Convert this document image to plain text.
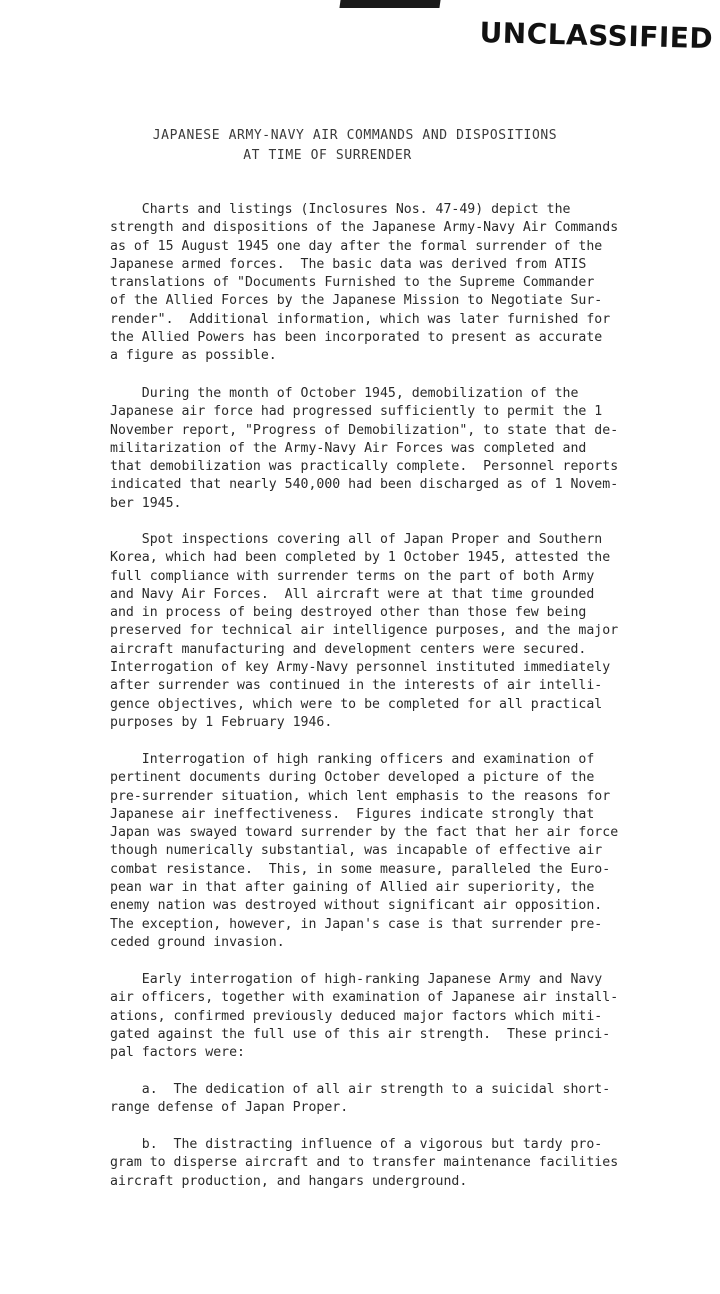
UNCLASSIFIED
JAPANESE ARMY-NAVY AIR COMMANDS AND DISPOSITIONS
AT TIME OF SURRENDER
Charts and listings (Inclosures Nos. 47-49) depict the
strength and dispositions of the Japanese Army-Navy Air Commands
as of 15 August 1945 one day after the formal surrender of the
Japanese armed forces.  The basic data was derived from ATIS
translations of "Documents Furnished to the Supreme Commander
of the Allied Forces by the Japanese Mission to Negotiate Sur-
render".  Additional information, which was later furnished for
the Allied Powers has been incorporated to present as accurate
a figure as possible.
During the month of October 1945, demobilization of the
Japanese air force had progressed sufficiently to permit the 1
November report, "Progress of Demobilization", to state that de-
militarization of the Army-Navy Air Forces was completed and
that demobilization was practically complete.  Personnel reports
indicated that nearly 540,000 had been discharged as of 1 Novem-
ber 1945.
Spot inspections covering all of Japan Proper and Southern
Korea, which had been completed by 1 October 1945, attested the
full compliance with surrender terms on the part of both Army
and Navy Air Forces.  All aircraft were at that time grounded
and in process of being destroyed other than those few being
preserved for technical air intelligence purposes, and the major
aircraft manufacturing and development centers were secured.
Interrogation of key Army-Navy personnel instituted immediately
after surrender was continued in the interests of air intelli-
gence objectives, which were to be completed for all practical
purposes by 1 February 1946.
Interrogation of high ranking officers and examination of
pertinent documents during October developed a picture of the
pre-surrender situation, which lent emphasis to the reasons for
Japanese air ineffectiveness.  Figures indicate strongly that
Japan was swayed toward surrender by the fact that her air force
though numerically substantial, was incapable of effective air
combat resistance.  This, in some measure, paralleled the Euro-
pean war in that after gaining of Allied air superiority, the
enemy nation was destroyed without significant air opposition.
The exception, however, in Japan's case is that surrender pre-
ceded ground invasion.
Early interrogation of high-ranking Japanese Army and Navy
air officers, together with examination of Japanese air install-
ations, confirmed previously deduced major factors which miti-
gated against the full use of this air strength.  These princi-
pal factors were:
a.  The dedication of all air strength to a suicidal short-
range defense of Japan Proper.
b.  The distracting influence of a vigorous but tardy pro-
gram to disperse aircraft and to transfer maintenance facilities
aircraft production, and hangars underground.
